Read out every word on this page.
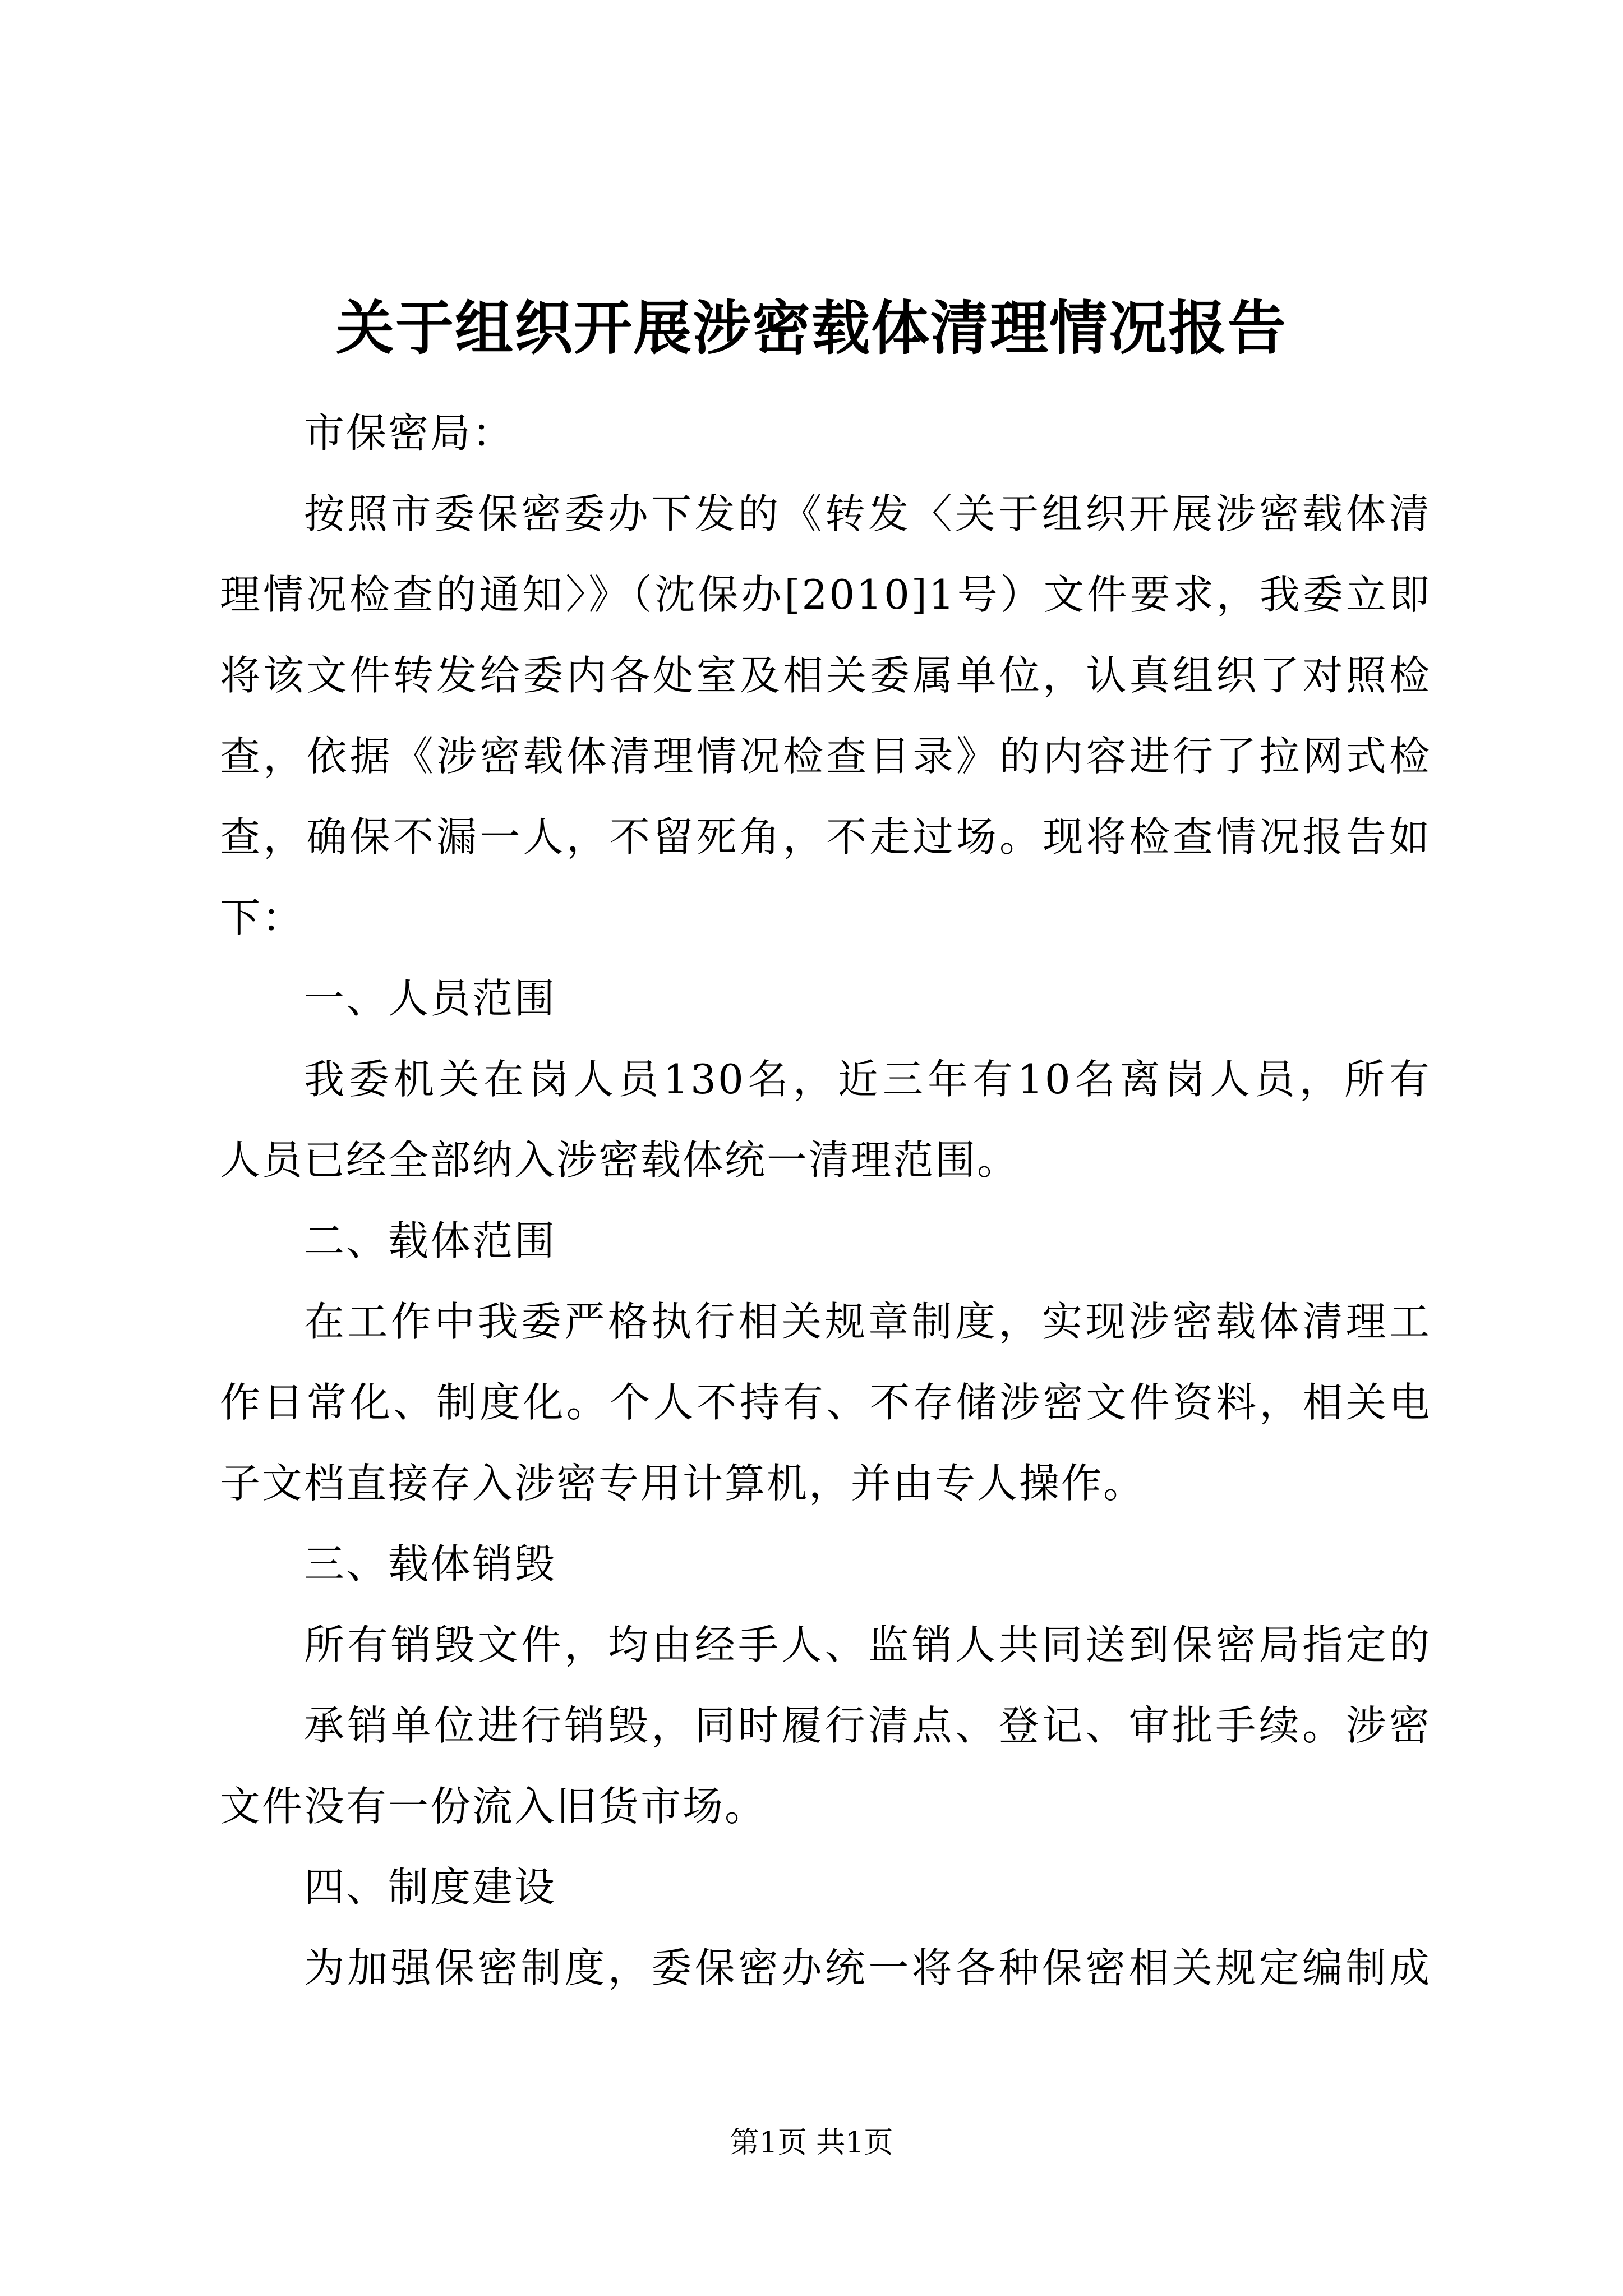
关于组织开展涉密载体清理情况报告

市保密局：

按照市委保密委办下发的《转发〈关于组织开展涉密载体清

理情况检查的通知〉》（沈保办[2010]1号）文件要求，我委立即

将该文件转发给委内各处室及相关委属单位，认真组织了对照检

查，依据《涉密载体清理情况检查目录》的内容进行了拉网式检

查，确保不漏一人，不留死角，不走过场。现将检查情况报告如

下：

一、人员范围

我委机关在岗人员130名，近三年有10名离岗人员，所有

人员已经全部纳入涉密载体统一清理范围。

二、载体范围

在工作中我委严格执行相关规章制度，实现涉密载体清理工

作日常化、制度化。个人不持有、不存储涉密文件资料，相关电

子文档直接存入涉密专用计算机，并由专人操作。

三、载体销毁

所有销毁文件，均由经手人、监销人共同送到保密局指定的

承销单位进行销毁，同时履行清点、登记、审批手续。涉密

文件没有一份流入旧货市场。

四、制度建设

为加强保密制度，委保密办统一将各种保密相关规定编制成

第1页 共1页
